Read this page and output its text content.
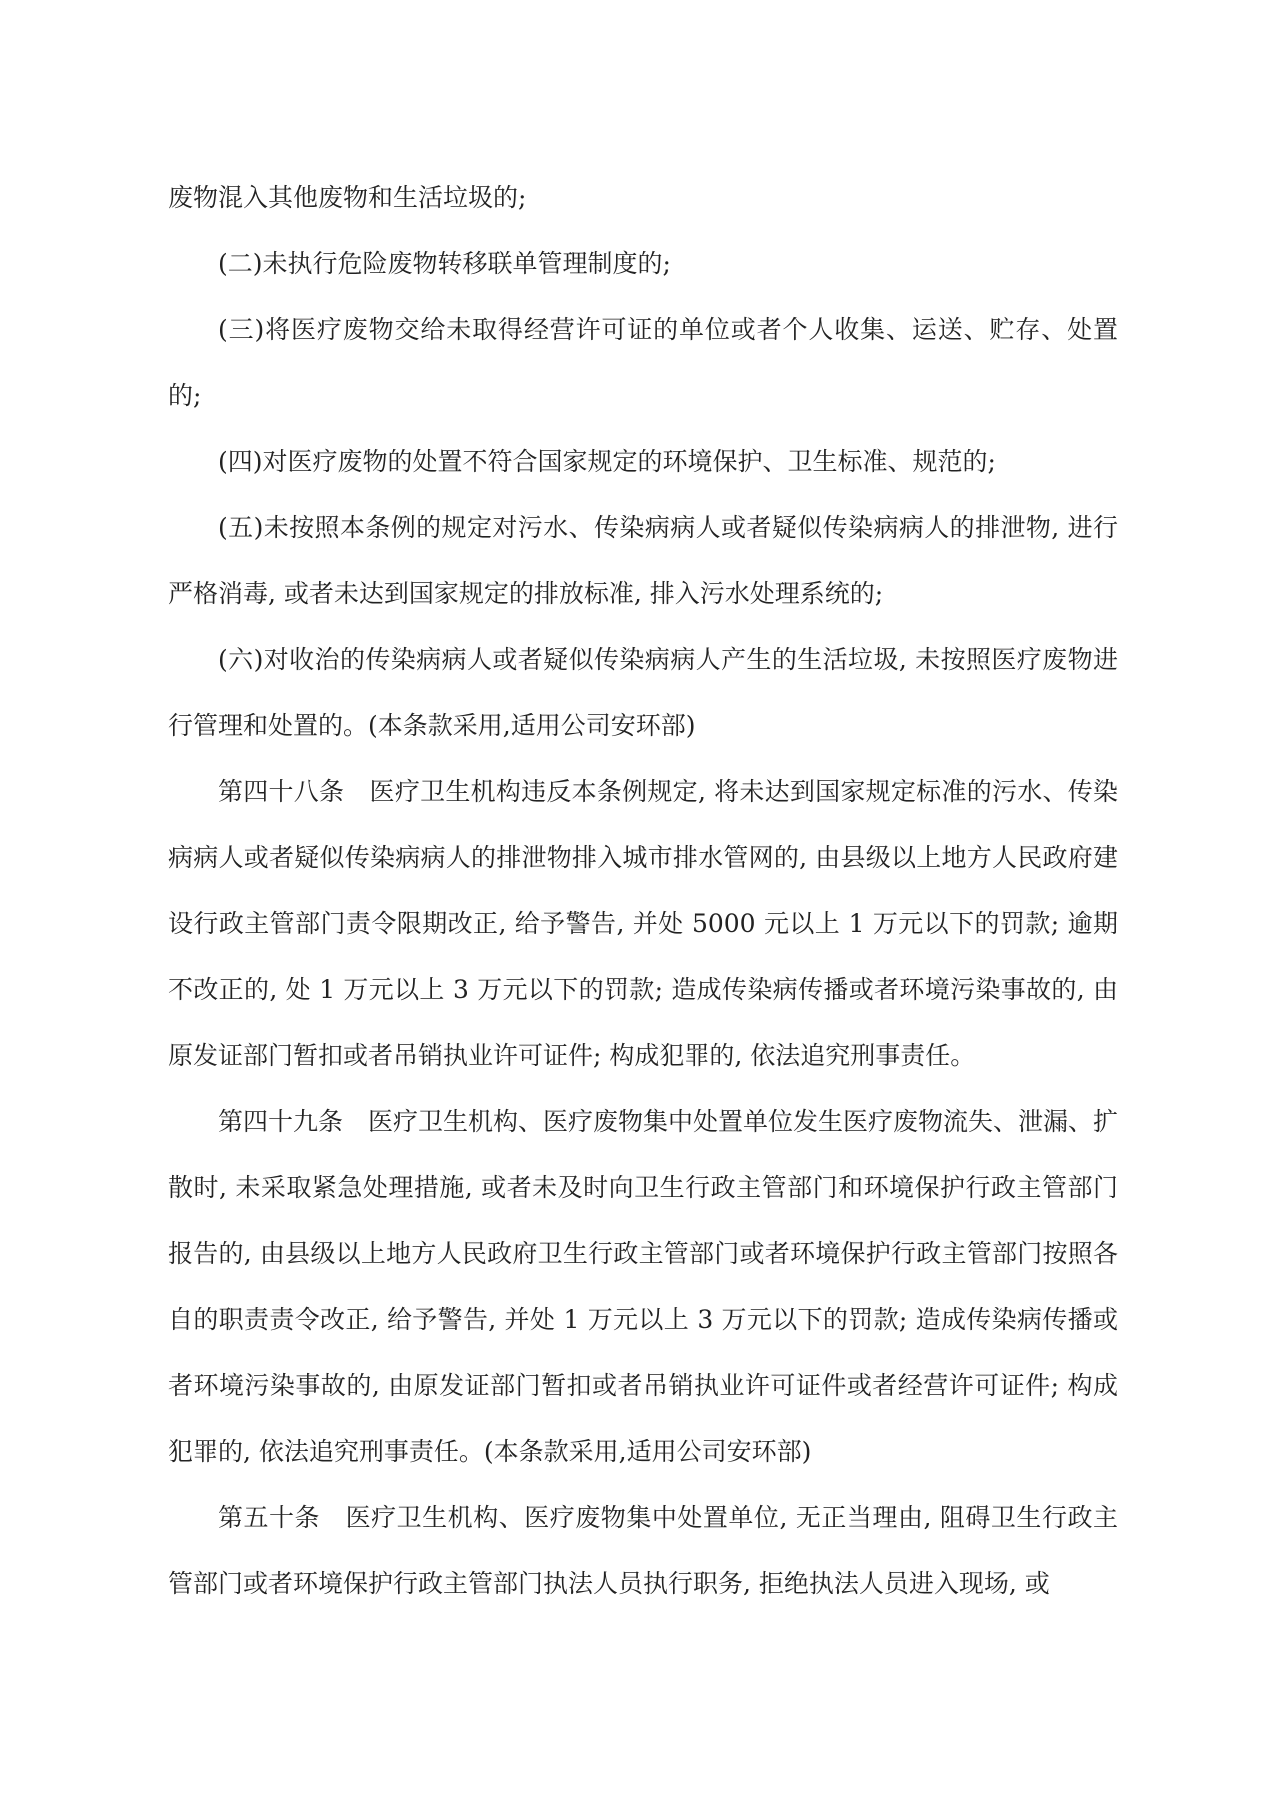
废物混入其他废物和生活垃圾的;

(二)未执行危险废物转移联单管理制度的;

(三)将医疗废物交给未取得经营许可证的单位或者个人收集、运送、贮存、处置的;

(四)对医疗废物的处置不符合国家规定的环境保护、卫生标准、规范的;

(五)未按照本条例的规定对污水、传染病病人或者疑似传染病病人的排泄物, 进行严格消毒, 或者未达到国家规定的排放标准, 排入污水处理系统的;

(六)对收治的传染病病人或者疑似传染病病人产生的生活垃圾, 未按照医疗废物进行管理和处置的。(本条款采用,适用公司安环部)

第四十八条　医疗卫生机构违反本条例规定, 将未达到国家规定标准的污水、传染病病人或者疑似传染病病人的排泄物排入城市排水管网的, 由县级以上地方人民政府建设行政主管部门责令限期改正, 给予警告, 并处 5000 元以上 1 万元以下的罚款; 逾期不改正的, 处 1 万元以上 3 万元以下的罚款; 造成传染病传播或者环境污染事故的, 由原发证部门暂扣或者吊销执业许可证件; 构成犯罪的, 依法追究刑事责任。

第四十九条　医疗卫生机构、医疗废物集中处置单位发生医疗废物流失、泄漏、扩散时, 未采取紧急处理措施, 或者未及时向卫生行政主管部门和环境保护行政主管部门报告的, 由县级以上地方人民政府卫生行政主管部门或者环境保护行政主管部门按照各自的职责责令改正, 给予警告, 并处 1 万元以上 3 万元以下的罚款; 造成传染病传播或者环境污染事故的, 由原发证部门暂扣或者吊销执业许可证件或者经营许可证件; 构成犯罪的, 依法追究刑事责任。(本条款采用,适用公司安环部)

第五十条　医疗卫生机构、医疗废物集中处置单位, 无正当理由, 阻碍卫生行政主管部门或者环境保护行政主管部门执法人员执行职务, 拒绝执法人员进入现场, 或
